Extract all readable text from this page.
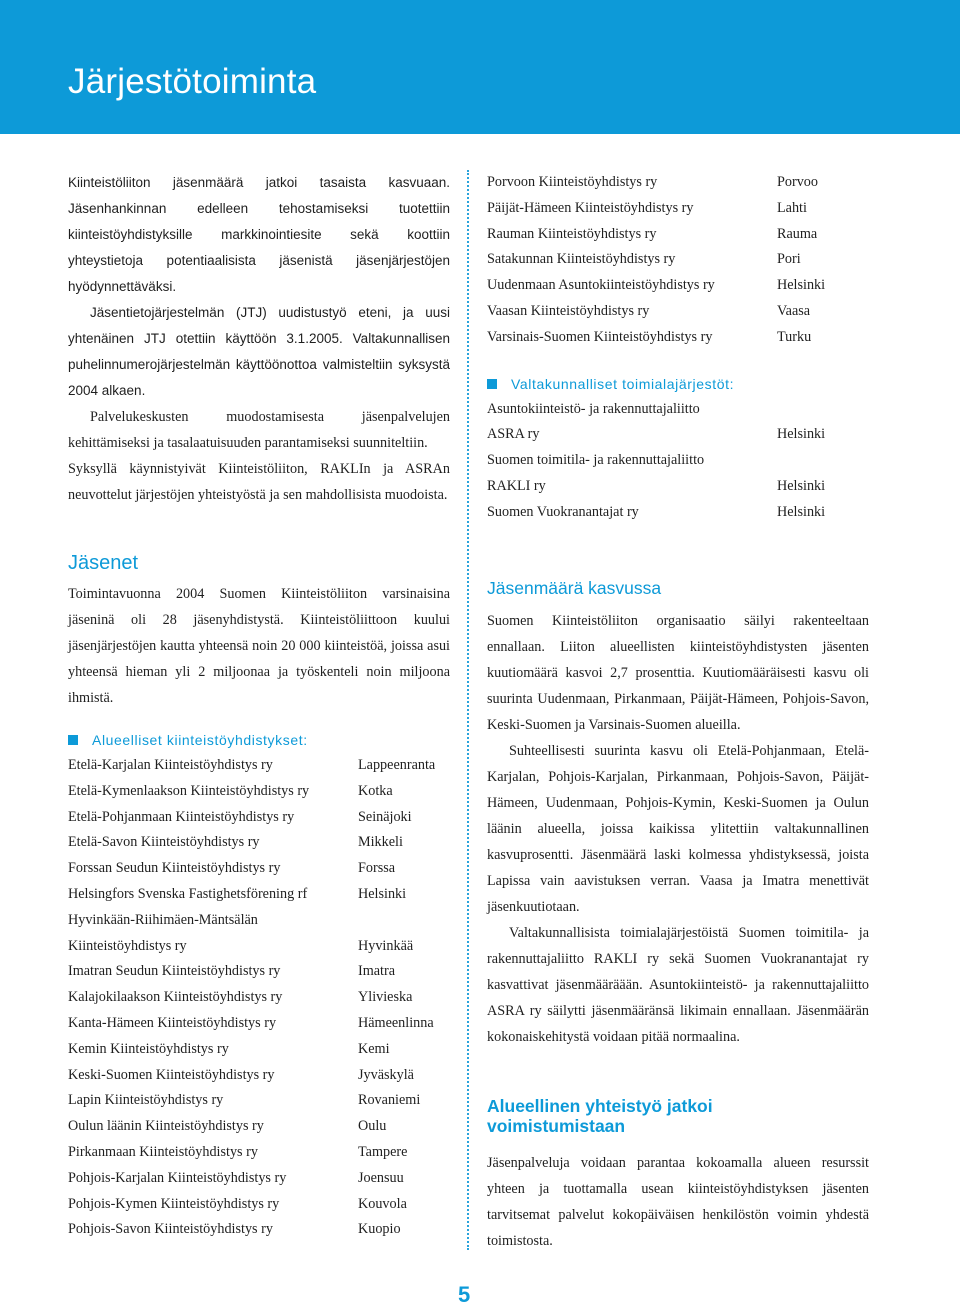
Järjestötoiminta

Kiinteistöliiton jäsenmäärä jatkoi tasaista kasvuaan. Jäsenhankinnan edelleen tehostamiseksi tuotettiin kiinteistöyhdistyksille markkinointiesite sekä koottiin yhteystietoja potentiaalisista jäsenistä jäsenjärjestöjen hyödynnettäväksi.

Jäsentietojärjestelmän (JTJ) uudistustyö eteni, ja uusi yhtenäinen JTJ otettiin käyttöön 3.1.2005. Valtakunnallisen puhelinnumerojärjestelmän käyttöönottoa valmisteltiin syksystä 2004 alkaen.

Palvelukeskusten muodostamisesta jäsenpalvelujen kehittämiseksi ja tasalaatuisuuden parantamiseksi suunniteltiin.

Syksyllä käynnistyivät Kiinteistöliiton, RAKLIn ja ASRAn neuvottelut järjestöjen yhteistyöstä ja sen mahdollisista muodoista.

Jäsenet

Toimintavuonna 2004 Suomen Kiinteistöliiton varsinaisina jäseninä oli 28 jäsenyhdistystä. Kiinteistöliittoon kuului jäsenjärjestöjen kautta yhteensä noin 20 000 kiinteistöä, joissa asui yhteensä hieman yli 2 miljoonaa ja työskenteli noin miljoona ihmistä.

Alueelliset kiinteistöyhdistykset:
Etelä-Karjalan Kiinteistöyhdistys ry	Lappeenranta
Etelä-Kymenlaakson Kiinteistöyhdistys ry	Kotka
Etelä-Pohjanmaan Kiinteistöyhdistys ry	Seinäjoki
Etelä-Savon Kiinteistöyhdistys ry	Mikkeli
Forssan Seudun Kiinteistöyhdistys ry	Forssa
Helsingfors Svenska Fastighetsförening rf	Helsinki
Hyvinkään-Riihimäen-Mäntsälän
Kiinteistöyhdistys ry	Hyvinkää
Imatran Seudun Kiinteistöyhdistys ry	Imatra
Kalajokilaakson Kiinteistöyhdistys ry	Ylivieska
Kanta-Hämeen Kiinteistöyhdistys ry	Hämeenlinna
Kemin Kiinteistöyhdistys ry	Kemi
Keski-Suomen Kiinteistöyhdistys ry	Jyväskylä
Lapin Kiinteistöyhdistys ry	Rovaniemi
Oulun läänin Kiinteistöyhdistys ry	Oulu
Pirkanmaan Kiinteistöyhdistys ry	Tampere
Pohjois-Karjalan Kiinteistöyhdistys ry	Joensuu
Pohjois-Kymen Kiinteistöyhdistys ry	Kouvola
Pohjois-Savon Kiinteistöyhdistys ry	Kuopio
Porvoon Kiinteistöyhdistys ry	Porvoo
Päijät-Hämeen Kiinteistöyhdistys ry	Lahti
Rauman Kiinteistöyhdistys ry	Rauma
Satakunnan Kiinteistöyhdistys ry	Pori
Uudenmaan Asuntokiinteistöyhdistys ry	Helsinki
Vaasan Kiinteistöyhdistys ry	Vaasa
Varsinais-Suomen Kiinteistöyhdistys ry	Turku
Valtakunnalliset toimialajärjestöt:
Asuntokiinteistö- ja rakennuttajaliitto
ASRA ry	Helsinki
Suomen toimitila- ja rakennuttajaliitto
RAKLI ry	Helsinki
Suomen Vuokranantajat ry	Helsinki
Jäsenmäärä kasvussa

Suomen Kiinteistöliiton organisaatio säilyi rakenteeltaan ennallaan. Liiton alueellisten kiinteistöyhdistysten jäsenten kuutiomäärä kasvoi 2,7 prosenttia. Kuutiomääräisesti kasvu oli suurinta Uudenmaan, Pirkanmaan, Päijät-Hämeen, Pohjois-Savon, Keski-Suomen ja Varsinais-Suomen alueilla.

Suhteellisesti suurinta kasvu oli Etelä-Pohjanmaan, Etelä-Karjalan, Pohjois-Karjalan, Pirkanmaan, Pohjois-Savon, Päijät-Hämeen, Uudenmaan, Pohjois-Kymin, Keski-Suomen ja Oulun läänin alueella, joissa kaikissa ylitettiin valtakunnallinen kasvuprosentti. Jäsenmäärä laski kolmessa yhdistyksessä, joista Lapissa vain aavistuksen verran. Vaasa ja Imatra menettivät jäsenkuutiotaan.

Valtakunnallisista toimialajärjestöistä Suomen toimitila- ja rakennuttajaliitto RAKLI ry sekä Suomen Vuokranantajat ry kasvattivat jäsenmääräään. Asuntokiinteistö- ja rakennuttajaliitto ASRA ry säilytti jäsenmääränsä likimain ennallaan. Jäsenmäärän kokonaiskehitystä voidaan pitää normaalina.

Alueellinen yhteistyö jatkoi voimistumistaan

Jäsenpalveluja voidaan parantaa kokoamalla alueen resurssit yhteen ja tuottamalla usean kiinteistöyhdistyksen jäsenten tarvitsemat palvelut kokopäiväisen henkilöstön voimin yhdestä toimistosta.

5
